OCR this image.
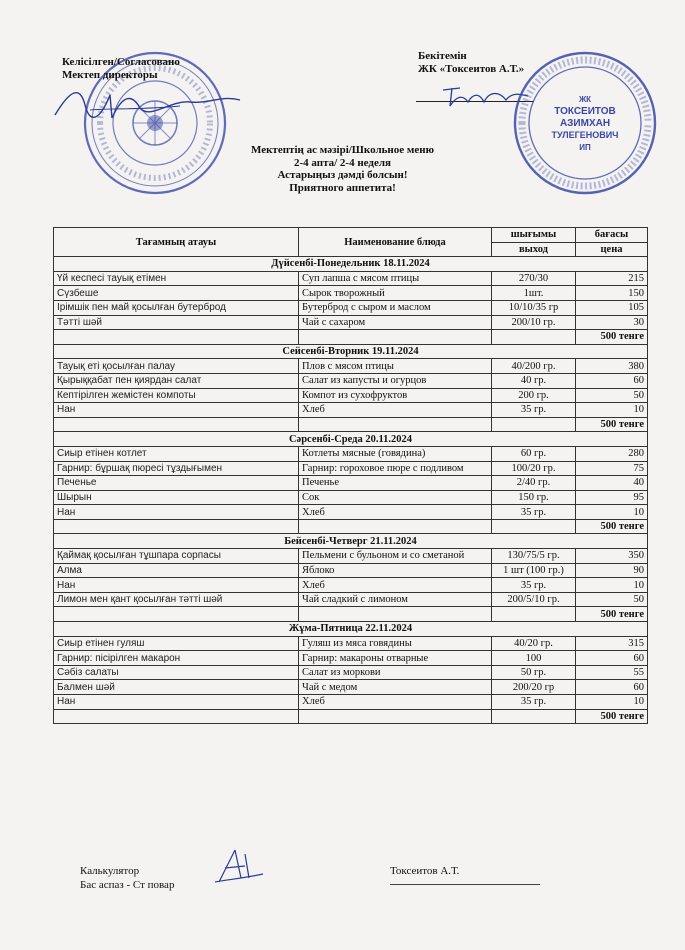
Келісілген/Согласовано
Мектеп директоры
Бекітемін
ЖК «Токсеитов А.Т.»
ЖК
ТОКСЕИТОВ
АЗИМХАН
ТУЛЕГЕНОВИЧ
ИП
Мектептің ас мәзірі/Школьное меню
2-4 апта/ 2-4 неделя
Астарыңыз дәмді болсын!
Приятного аппетита!
Тағамның атауы	Наименование блюда	шығымы	бағасы
		выход	цена
Дүйсенбі-Понедельник 18.11.2024			
Үй кеспесі тауық етімен	Суп лапша с мясом птицы	270/30	215
Сүзбеше	Сырок творожный	1шт.	150
Ірімшік пен май қосылған бутерброд	Бутерброд с сыром и маслом	10/10/35 гр	105
Тәтті шәй	Чай с сахаром	200/10 гр.	30
			500 тенге
Сейсенбі-Вторник 19.11.2024			
Тауық еті қосылған палау	Плов с мясом птицы	40/200 гр.	380
Қырыққабат пен қиярдан салат	Салат из капусты и огурцов	40 гр.	60
Кептірілген жемістен компоты	Компот из сухофруктов	200 гр.	50
Нан	Хлеб	35 гр.	10
			500 тенге
Сәрсенбі-Среда 20.11.2024			
Сиыр етінен котлет	Котлеты мясные (говядина)	60 гр.	280
Гарнир: бұршақ пюресі тұздығымен	Гарнир: гороховое пюре с подливом	100/20 гр.	75
Печенье	Печенье	2/40 гр.	40
Шырын	Сок	150 гр.	95
Нан	Хлеб	35 гр.	10
			500 тенге
Бейсенбі-Четверг 21.11.2024			
Қаймақ қосылған тұшпара сорпасы	Пельмени с бульоном и со сметаной	130/75/5 гр.	350
Алма	Яблоко	1 шт (100 гр.)	90
Нан	Хлеб	35 гр.	10
Лимон мен қант қосылған тәтті шәй	Чай сладкий с лимоном	200/5/10 гр.	50
			500 тенге
Жұма-Пятница 22.11.2024			
Сиыр етінен гуляш	Гуляш из мяса говядины	40/20 гр.	315
Гарнир: пісірілген макарон	Гарнир: макароны отварные	100	60
Сәбіз салаты	Салат из моркови	50 гр.	55
Балмен шәй	Чай с медом	200/20 гр	60
Нан	Хлеб	35 гр.	10
			500 тенге
Калькулятор
Бас аспаз - Ст повар
Токсеитов А.Т.
